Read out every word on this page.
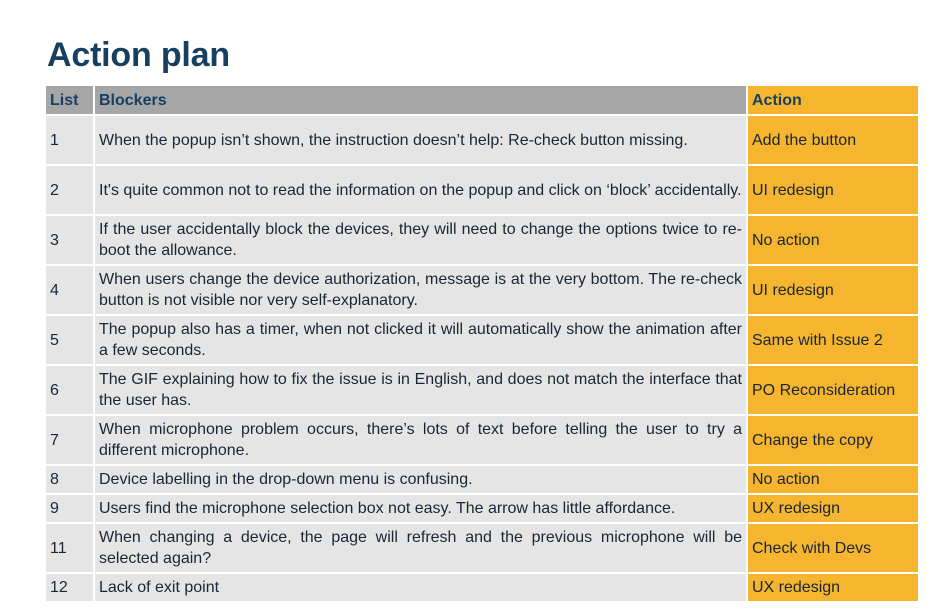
Action plan
List	Blockers	Action
1	When the popup isn’t shown, the instruction doesn’t help: Re-check button missing.	Add the button
2	It's quite common not to read the information on the popup and click on ‘block’ accidentally.	UI redesign
3	If the user accidentally block the devices, they will need to change the options twice to re-boot the allowance.	No action
4	When users change the device authorization, message is at the very bottom. The re-check button is not visible nor very self-explanatory.	UI redesign
5	The popup also has a timer, when not clicked it will automatically show the animation after a few seconds.	Same with Issue 2
6	The GIF explaining how to fix the issue is in English, and does not match the interface that the user has.	PO Reconsideration
7	When microphone problem occurs, there’s lots of text before telling the user to try a different microphone.	Change the copy
8	Device labelling in the drop-down menu is confusing.	No action
9	Users find the microphone selection box not easy. The arrow has little affordance.	UX redesign
11	When changing a device, the page will refresh and the previous microphone will be selected again?	Check with Devs
12	Lack of exit point	UX redesign
